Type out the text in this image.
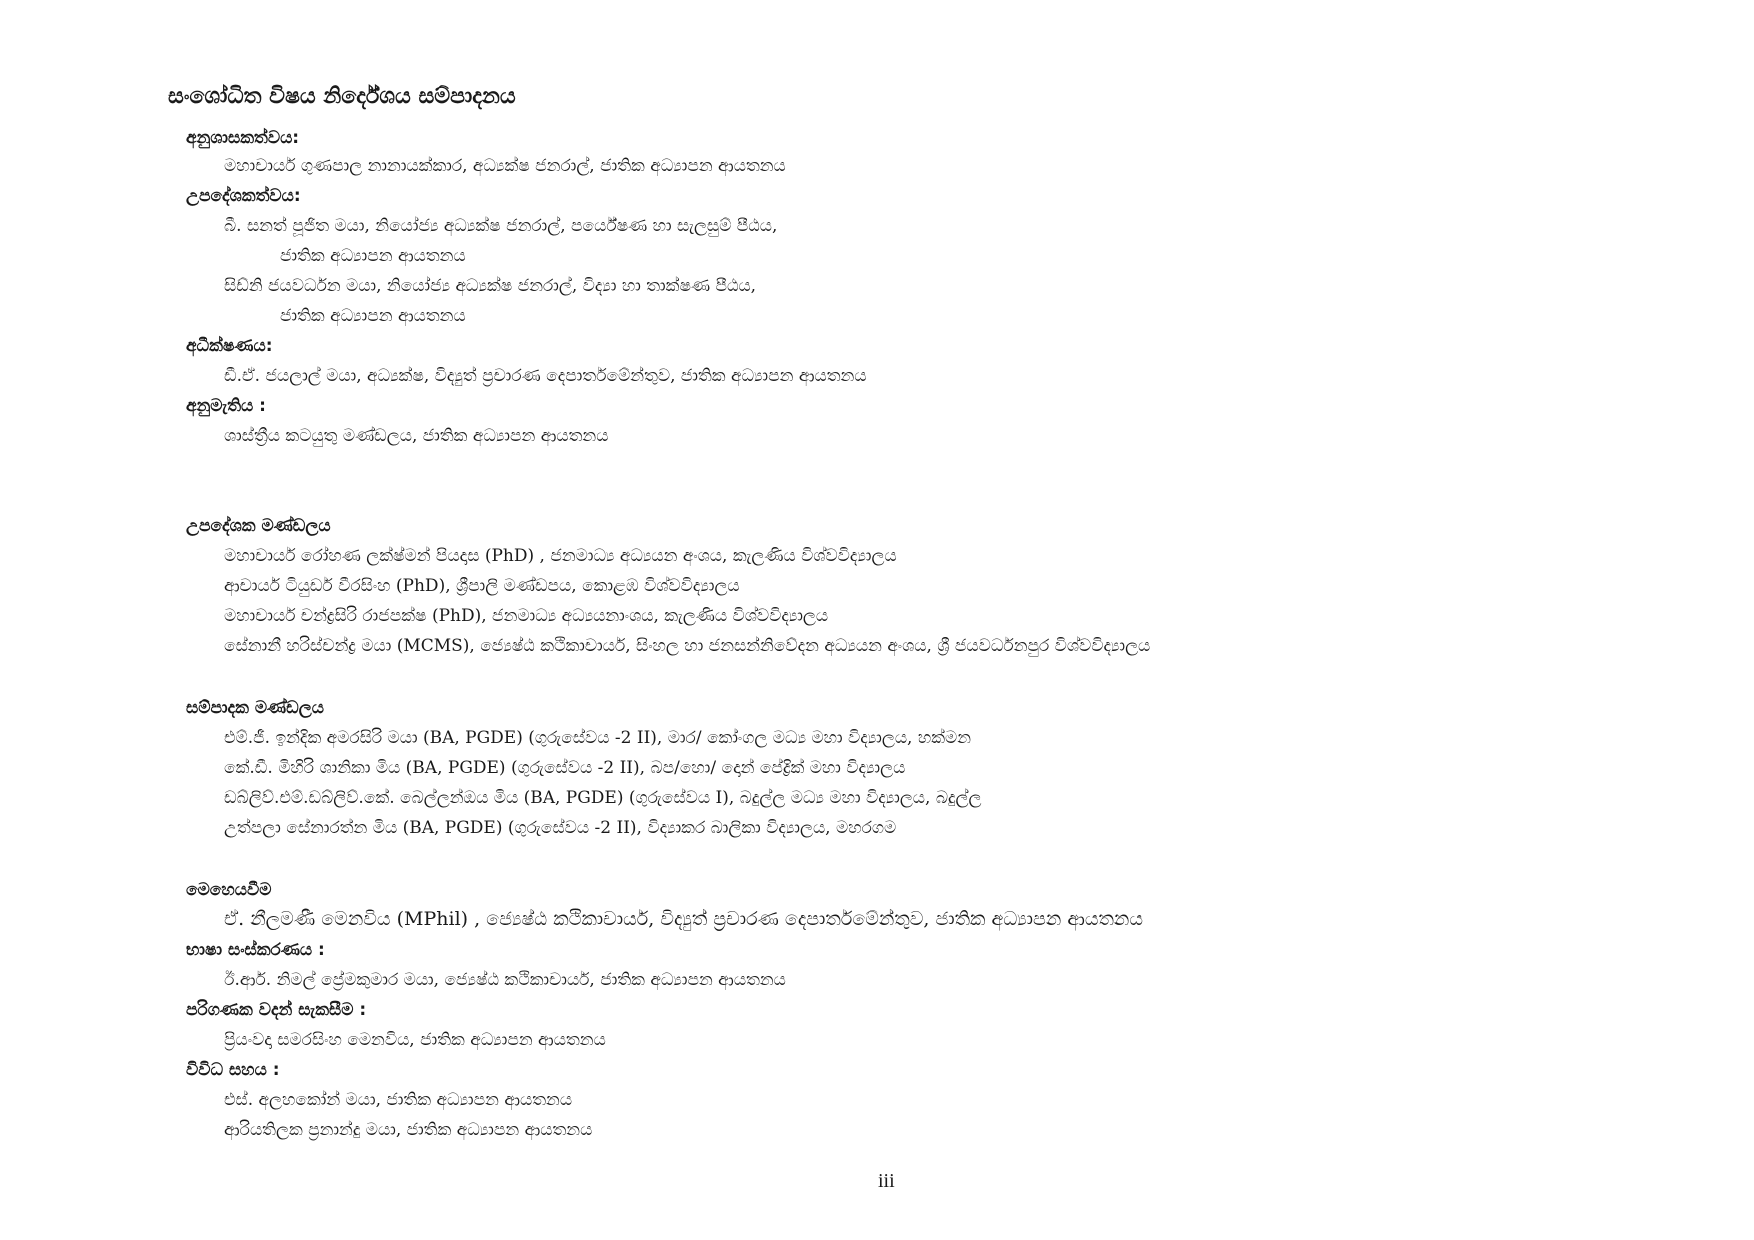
සංශෝධිත විෂය නිර්දේශය සම්පාදනය
අනුශාසකත්වය:
මහාචාර්ය ගුණපාල නානායක්කාර, අධ්‍යක්ෂ ජනරාල්, ජාතික අධ්‍යාපන ආයතනය
උපදේශකත්වය:
බී. සනත් පූජිත මයා, නියෝජ්‍ය අධ්‍යක්ෂ ජනරාල්, පර්යේෂණ හා සැලසුම් පීඨය,
ජාතික අධ්‍යාපන ආයතනය
සිඩ්නි ජයවර්ධන මයා, නියෝජ්‍ය අධ්‍යක්ෂ ජනරාල්, විද්‍යා හා තාක්ෂණ පීඨය,
ජාතික අධ්‍යාපන ආයතනය
අධීක්ෂණය:
ඩී.ඒ. ජයලාල් මයා, අධ්‍යක්ෂ, විද්‍යුත් ප්‍රචාරණ දෙපාර්තමේන්තුව, ජාතික අධ්‍යාපන ආයතනය
අනුමැතිය :
ශාස්ත්‍රීය කටයුතු මණ්ඩලය, ජාතික අධ්‍යාපන ආයතනය
උපදේශක මණ්ඩලය
මහාචාර්ය රෝහණ ලක්ෂ්මන් පියදාස (PhD) , ජනමාධ්‍ය අධ්‍යයන අංශය, කැලණිය විශ්වවිද්‍යාලය
ආචාර්ය ටියුඩර් වීරසිංහ (PhD), ශ්‍රීපාලි මණ්ඩපය, කොළඹ විශ්වවිද්‍යාලය
මහාචාර්ය චන්ද්‍රසිරි රාජපක්ෂ (PhD), ජනමාධ්‍ය අධ්‍යයනාංශය, කැලණිය විශ්වවිද්‍යාලය
සේනානී හරිස්චන්ද්‍ර මයා (MCMS), ජ්‍යෙෂ්ඨ කථිකාචාර්ය, සිංහල හා ජනසන්නිවේදන අධ්‍යයන අංශය, ශ්‍රී ජයවර්ධනපුර විශ්වවිද්‍යාලය
සම්පාදක මණ්ඩලය
එම්.ජී. ඉන්දික අමරසිරි මයා (BA, PGDE) (ගුරුසේවය -2 II), මාර/ කෝංගල මධ්‍ය මහා විද්‍යාලය, හක්මන
කේ.ඩී. මිහිරි ශානිකා මිය (BA, PGDE) (ගුරුසේවය -2 II), බප/හො/ දොන් පේද්‍රික් මහා විද්‍යාලය
ඩබ්ලිව්.එම්.ඩබ්ලිව්.කේ. බෙල්ලන්ඔය මිය (BA, PGDE) (ගුරුසේවය I), බදුල්ල මධ්‍ය මහා විද්‍යාලය, බදුල්ල
උත්පලා සේනාරත්න මිය (BA, PGDE) (ගුරුසේවය -2 II), විද්‍යාකර බාලිකා විද්‍යාලය, මහරගම
මෙහෙයවීම
ඒ. නීලමණී මෙනවිය (MPhil) , ජ්‍යෙෂ්ඨ කථිකාචාර්ය, විද්‍යුත් ප්‍රචාරණ දෙපාර්තමේන්තුව, ජාතික අධ්‍යාපන ආයතනය
භාෂා සංස්කරණය :
ඊ.ආර්. නිමල් ප්‍රේමකුමාර මයා, ජ්‍යෙෂ්ඨ කථිකාචාර්ය, ජාතික අධ්‍යාපන ආයතනය
පරිගණක වදන් සැකසීම :
ප්‍රියංවදා සමරසිංහ මෙනවිය, ජාතික අධ්‍යාපන ආයතනය
විවිධ සහය :
එස්. අලහකෝන් මයා, ජාතික අධ්‍යාපන ආයතනය
ආරියතිලක ප්‍රනාන්දු මයා, ජාතික අධ්‍යාපන ආයතනය
iii
